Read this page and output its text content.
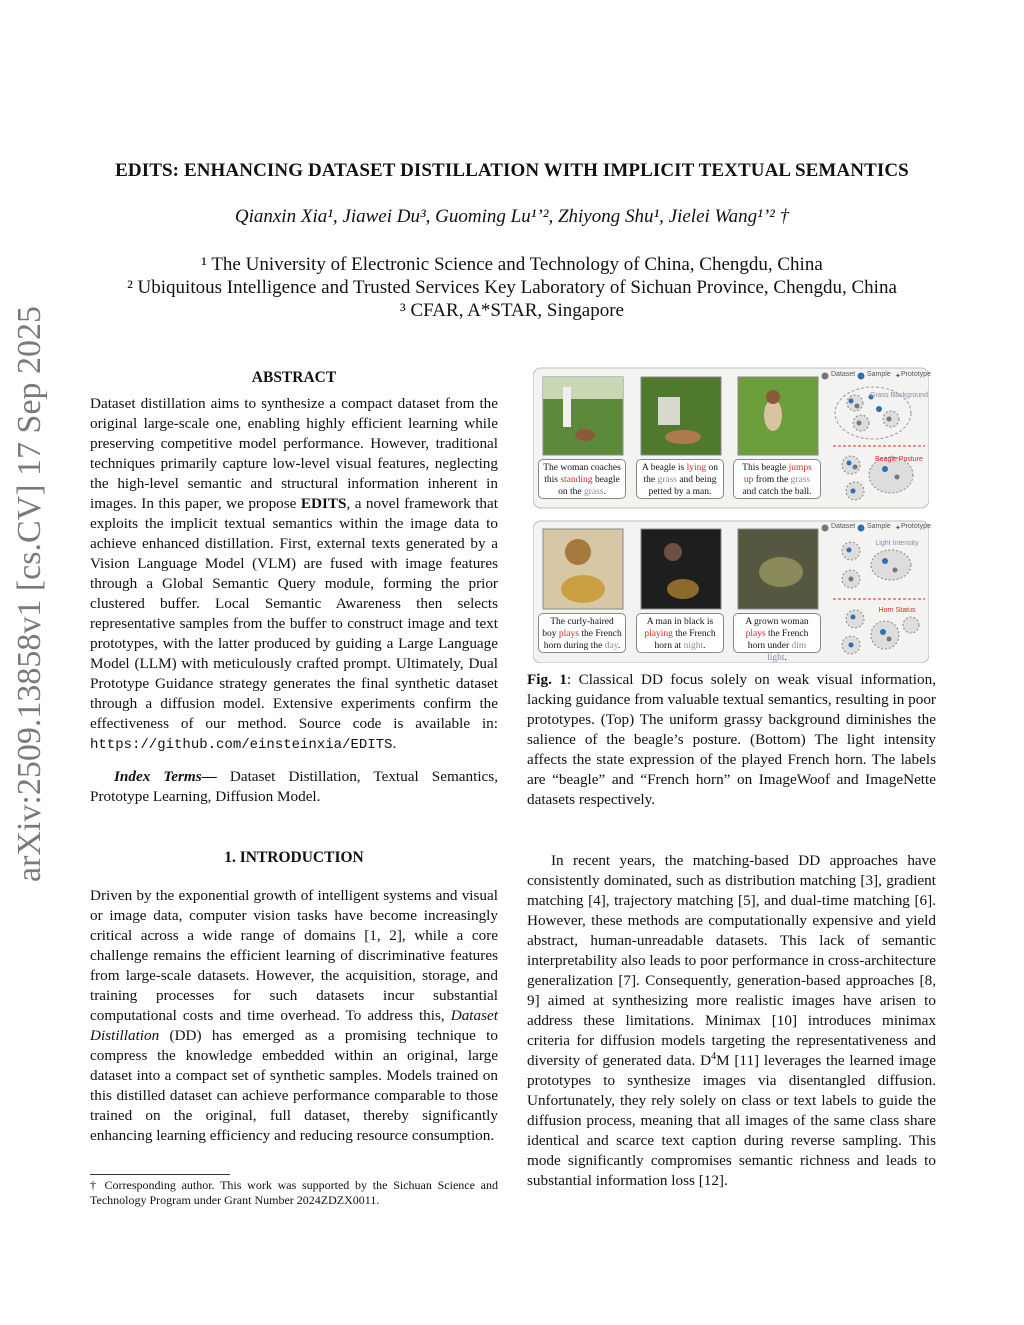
EDITS: ENHANCING DATASET DISTILLATION WITH IMPLICIT TEXTUAL SEMANTICS
Qianxin Xia¹, Jiawei Du³, Guoming Lu¹ʼ², Zhiyong Shu¹, Jielei Wang¹ʼ² †
¹ The University of Electronic Science and Technology of China, Chengdu, China
² Ubiquitous Intelligence and Trusted Services Key Laboratory of Sichuan Province, Chengdu, China
³ CFAR, A*STAR, Singapore
arXiv:2509.13858v1 [cs.CV] 17 Sep 2025	ABSTRACT

Dataset distillation aims to synthesize a compact dataset from the original large-scale one, enabling highly efficient learning while preserving competitive model performance. However, traditional techniques primarily capture low-level visual features, neglecting the high-level semantic and structural information inherent in images. In this paper, we propose EDITS, a novel framework that exploits the implicit textual semantics within the image data to achieve enhanced distillation. First, external texts generated by a Vision Language Model (VLM) are fused with image features through a Global Semantic Query module, forming the prior clustered buffer. Local Semantic Awareness then selects representative samples from the buffer to construct image and text prototypes, with the latter produced by guiding a Large Language Model (LLM) with meticulously crafted prompt. Ultimately, Dual Prototype Guidance strategy generates the final synthetic dataset through a diffusion model. Extensive experiments confirm the effectiveness of our method. Source code is available in: https://github.com/einsteinxia/EDITS.

Index Terms— Dataset Distillation, Textual Semantics, Prototype Learning, Diffusion Model.

1. INTRODUCTION

Driven by the exponential growth of intelligent systems and visual or image data, computer vision tasks have become increasingly critical across a wide range of domains [1, 2], while a core challenge remains the efficient learning of discriminative features from large-scale datasets. However, the acquisition, storage, and training processes for such datasets incur substantial computational costs and time overhead. To address this, Dataset Distillation (DD) has emerged as a promising technique to compress the knowledge embedded within an original, large dataset into a compact set of synthetic samples. Models trained on this distilled dataset can achieve performance comparable to those trained on the original, full dataset, thereby significantly enhancing learning efficiency and reducing resource consumption.

† Corresponding author. This work was supported by the Sichuan Science and Technology Program under Grant Number 2024ZDZX0011.
✦
✦
Dataset Sample Prototype
Grass Background
Beagle Posture
Dataset Sample Prototype
Light Intensity
Horn Status
The woman coaches this standing beagle on the grass.
A beagle is lying on the grass and being petted by a man.
This beagle jumps up from the grass and catch the ball.
The curly-haired boy plays the French horn during the day.
A man in black is playing the French horn at night.
A grown woman plays the French horn under dim light.

Fig. 1: Classical DD focus solely on weak visual information, lacking guidance from valuable textual semantics, resulting in poor prototypes. (Top) The uniform grassy background diminishes the salience of the beagle’s posture. (Bottom) The light intensity affects the state expression of the played French horn. The labels are “beagle” and “French horn” on ImageWoof and ImageNette datasets respectively.

In recent years, the matching-based DD approaches have consistently dominated, such as distribution matching [3], gradient matching [4], trajectory matching [5], and dual-time matching [6]. However, these methods are computationally expensive and yield abstract, human-unreadable datasets. This lack of semantic interpretability also leads to poor performance in cross-architecture generalization [7]. Consequently, generation-based approaches [8, 9] aimed at synthesizing more realistic images have arisen to address these limitations. Minimax [10] introduces minimax criteria for diffusion models targeting the representativeness and diversity of generated data. $D^4M$ [11] leverages the learned image prototypes to synthesize images via disentangled diffusion. Unfortunately, they rely solely on class or text labels to guide the diffusion process, meaning that all images of the same class share identical and scarce text caption during reverse sampling. This mode significantly compromises semantic richness and leads to substantial information loss [12].
